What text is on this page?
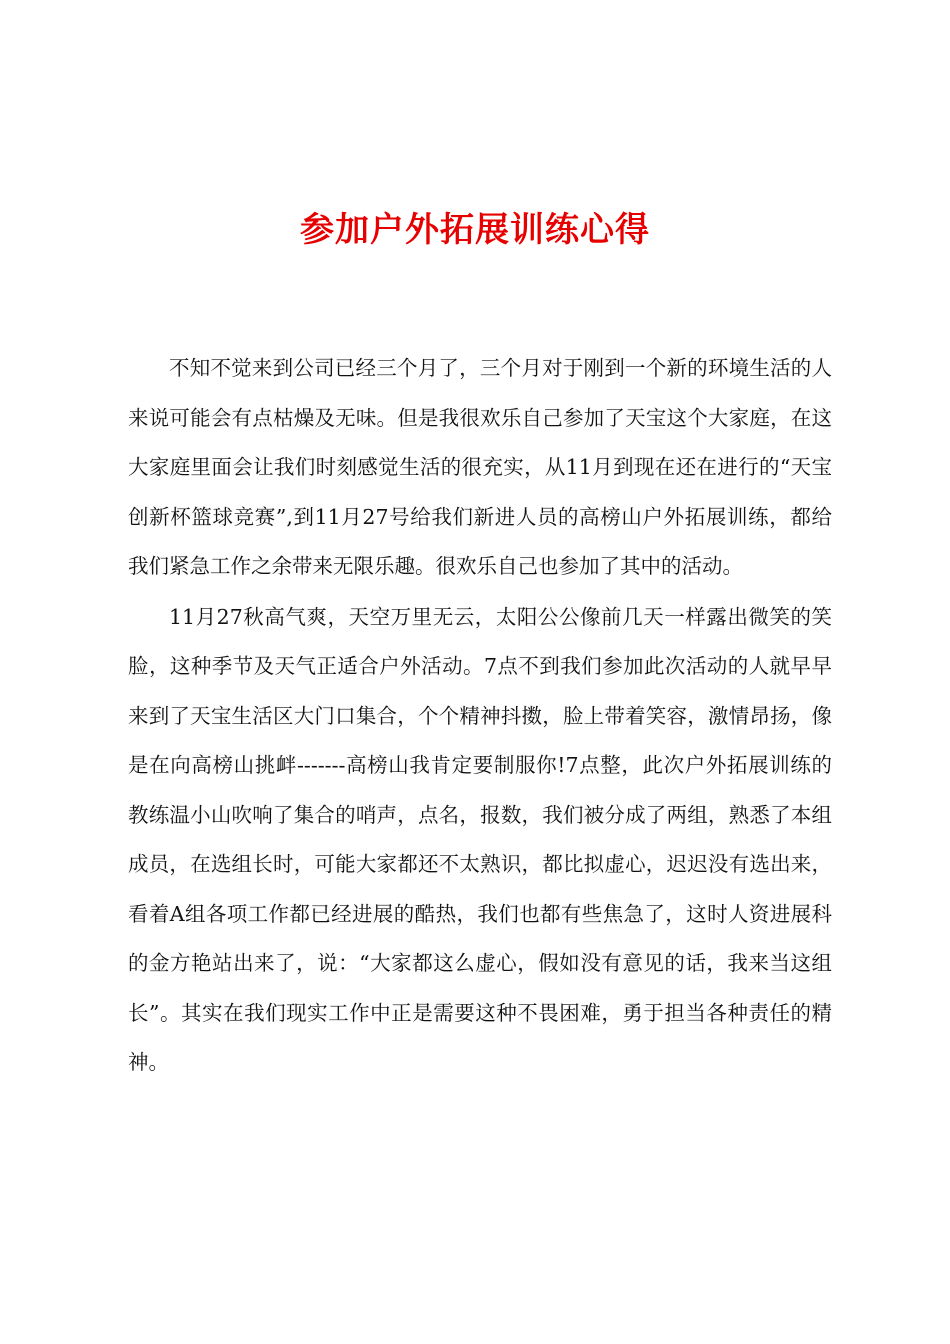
参加户外拓展训练心得

不知不觉来到公司已经三个月了，三个月对于刚到一个新的环境生活的人来说可能会有点枯燥及无味。但是我很欢乐自己参加了天宝这个大家庭，在这大家庭里面会让我们时刻感觉生活的很充实，从11月到现在还在进行的“天宝创新杯篮球竞赛”,到11月27号给我们新进人员的高榜山户外拓展训练，都给我们紧急工作之余带来无限乐趣。很欢乐自己也参加了其中的活动。

11月27秋高气爽，天空万里无云，太阳公公像前几天一样露出微笑的笑脸，这种季节及天气正适合户外活动。7点不到我们参加此次活动的人就早早来到了天宝生活区大门口集合，个个精神抖擞，脸上带着笑容，激情昂扬，像是在向高榜山挑衅-------高榜山我肯定要制服你!7点整，此次户外拓展训练的教练温小山吹响了集合的哨声，点名，报数，我们被分成了两组，熟悉了本组成员，在选组长时，可能大家都还不太熟识，都比拟虚心，迟迟没有选出来，看着A组各项工作都已经进展的酷热，我们也都有些焦急了，这时人资进展科的金方艳站出来了，说：“大家都这么虚心，假如没有意见的话，我来当这组长”。其实在我们现实工作中正是需要这种不畏困难，勇于担当各种责任的精神。
